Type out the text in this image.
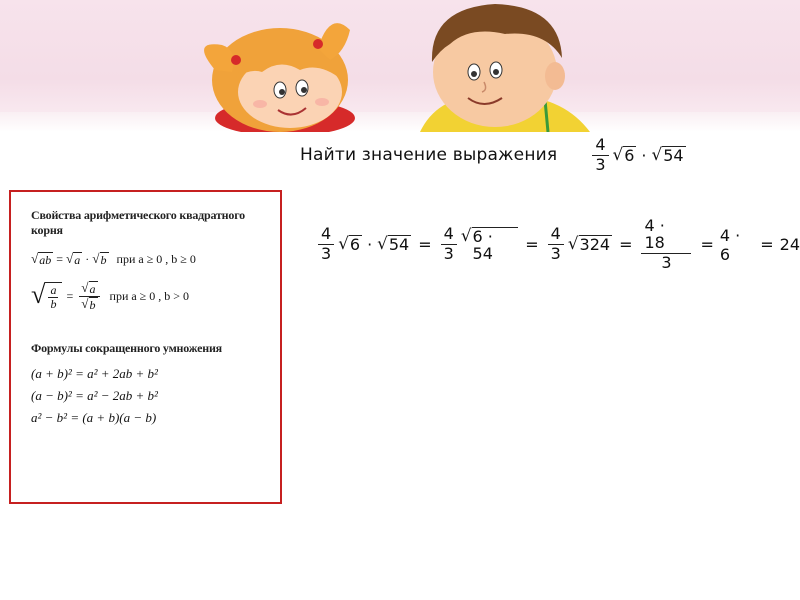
Найти значение выражения $\frac{4}{3}$ √ 6 · √ 54
$\frac{4}{3}$ √ 6 · √ $54 = \frac{4}{3}$ √ 6 · 54	= $\frac{4}{3}$ √ $324 = \frac{4 \cdot 18}{3} = 4 \cdot 6$	= 24
Свойства арифметического квадратного корня
√ ab = √ a · √ b при a ≥ 0 , b ≥ 0
√ $\frac{a}{b} = \frac{√ a}{√ b}$ при a ≥ 0 , b > 0
Формулы сокращенного умножения
(a + b)² = a² + 2ab + b²
(a − b)² = a² − 2ab + b²
a² − b² = (a + b)(a − b)
